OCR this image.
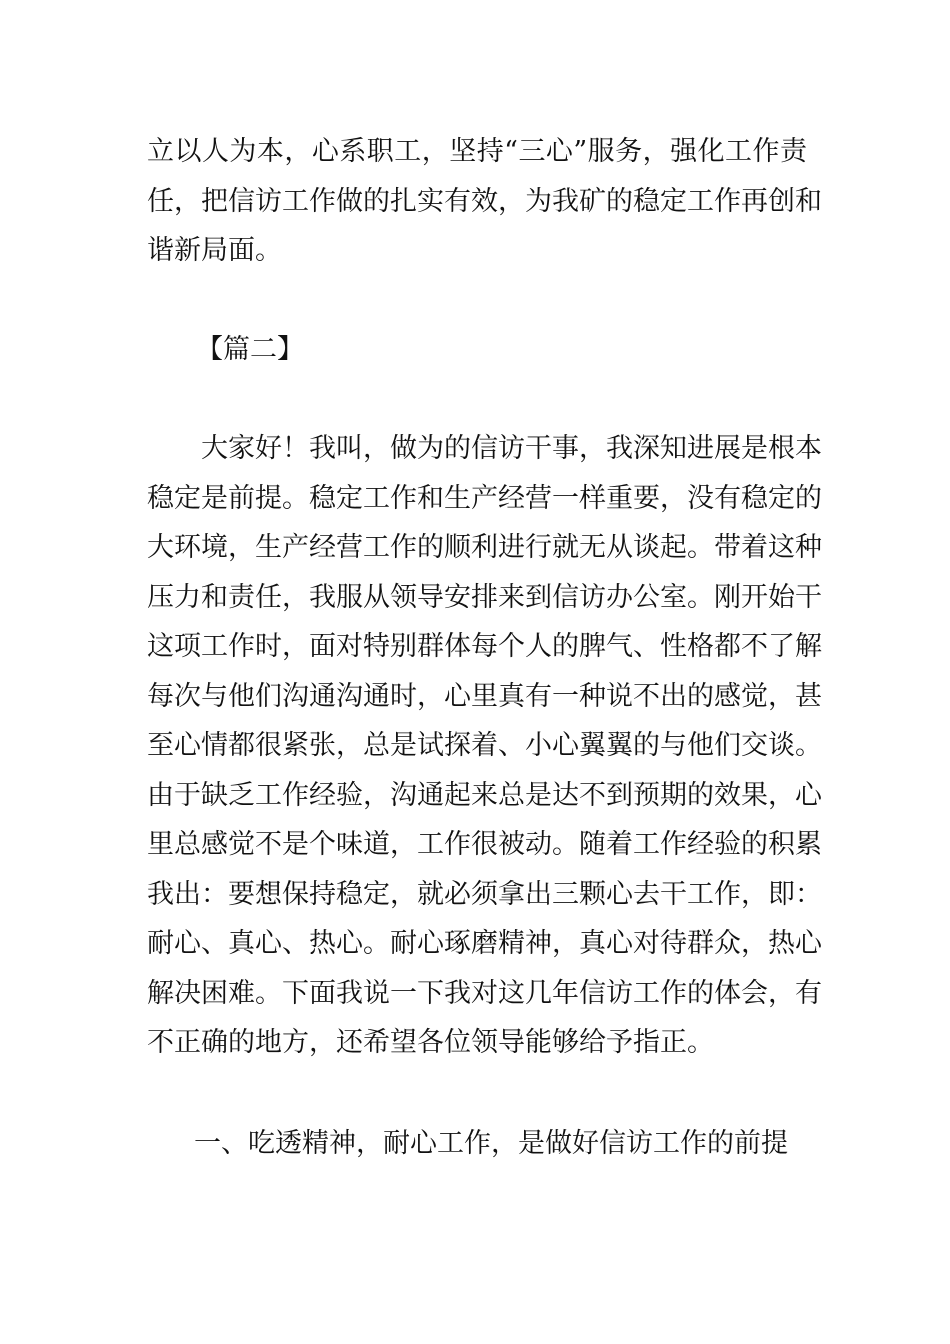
立以人为本，心系职工，坚持“三心”服务，强化工作责
任，把信访工作做的扎实有效，为我矿的稳定工作再创和
谐新局面。
【篇二】
　　大家好！我叫，做为的信访干事，我深知进展是根本
稳定是前提。稳定工作和生产经营一样重要，没有稳定的
大环境，生产经营工作的顺利进行就无从谈起。带着这种
压力和责任，我服从领导安排来到信访办公室。刚开始干
这项工作时，面对特别群体每个人的脾气、性格都不了解
每次与他们沟通沟通时，心里真有一种说不出的感觉，甚
至心情都很紧张，总是试探着、小心翼翼的与他们交谈。
由于缺乏工作经验，沟通起来总是达不到预期的效果，心
里总感觉不是个味道，工作很被动。随着工作经验的积累
我出：要想保持稳定，就必须拿出三颗心去干工作，即：
耐心、真心、热心。耐心琢磨精神，真心对待群众，热心
解决困难。下面我说一下我对这几年信访工作的体会，有
不正确的地方，还希望各位领导能够给予指正。
一、吃透精神，耐心工作，是做好信访工作的前提
